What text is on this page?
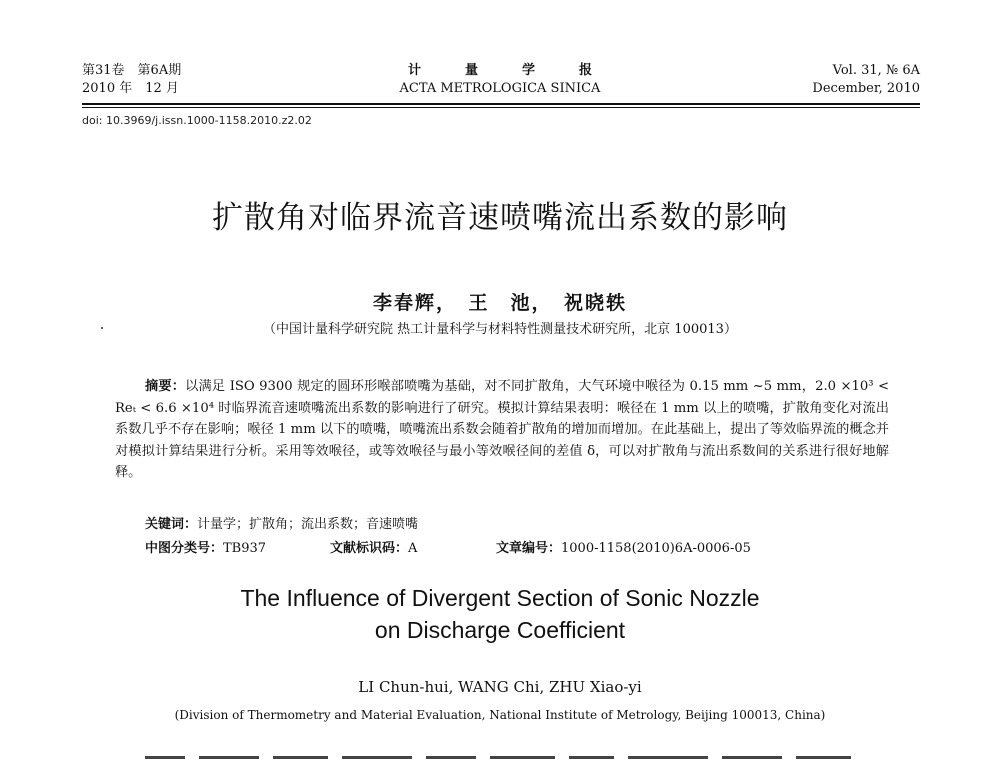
第31卷　第6A期
2010 年　12 月
计量学报
ACTA METROLOGICA SINICA
Vol. 31, № 6A
December, 2010
doi: 10.3969/j.issn.1000-1158.2010.z2.02
扩散角对临界流音速喷嘴流出系数的影响
李春辉，　王　池，　祝晓轶
（中国计量科学研究院 热工计量科学与材料特性测量技术研究所，北京 100013）
摘要：以满足 ISO 9300 规定的圆环形喉部喷嘴为基础，对不同扩散角，大气环境中喉径为 0.15 mm ~5 mm，2.0 ×10³ < Reₜ < 6.6 ×10⁴ 时临界流音速喷嘴流出系数的影响进行了研究。模拟计算结果表明：喉径在 1 mm 以上的喷嘴，扩散角变化对流出系数几乎不存在影响；喉径 1 mm 以下的喷嘴，喷嘴流出系数会随着扩散角的增加而增加。在此基础上，提出了等效临界流的概念并对模拟计算结果进行分析。采用等效喉径，或等效喉径与最小等效喉径间的差值 δ，可以对扩散角与流出系数间的关系进行很好地解释。
关键词：计量学；扩散角；流出系数；音速喷嘴
中图分类号：TB937	文献标识码：A	文章编号：1000-1158(2010)6A-0006-05
The Influence of Divergent Section of Sonic Nozzle
on Discharge Coefficient
LI Chun-hui, WANG Chi, ZHU Xiao-yi
(Division of Thermometry and Material Evaluation, National Institute of Metrology, Beijing 100013, China)
